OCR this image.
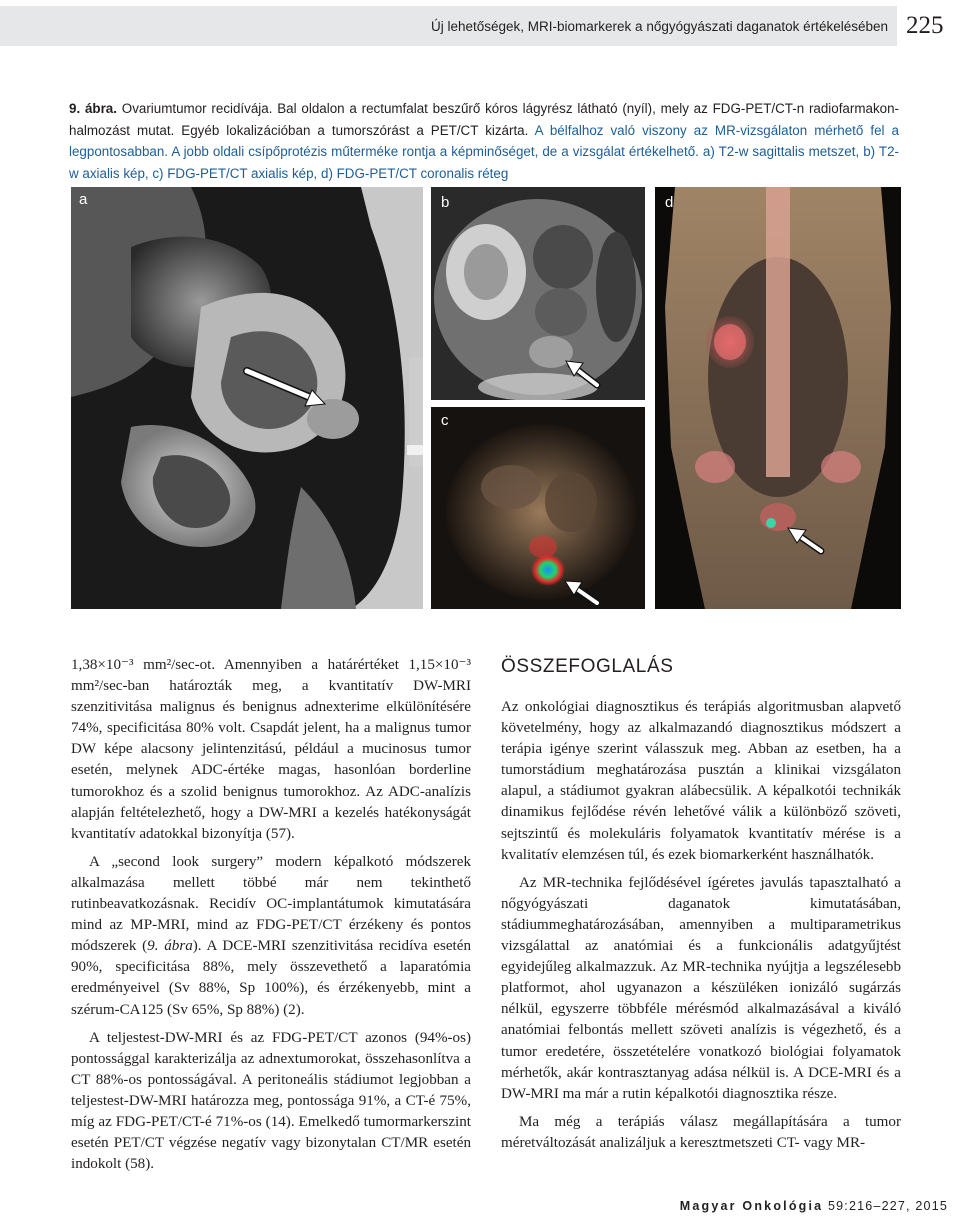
Új lehetőségek, MRI-biomarkerek a nőgyógyászati daganatok értékelésében 225

9. ábra. Ovariumtumor recidívája. Bal oldalon a rectumfalat beszűrő kóros lágyrész látható (nyíl), mely az FDG-PET/CT-n radiofarmakon-halmozást mutat. Egyéb lokalizációban a tumorszórást a PET/CT kizárta. A bélfalhoz való viszony az MR-vizsgálaton mérhető fel a legpontosabban. A jobb oldali csípőprotézis műterméke rontja a képminőséget, de a vizsgálat értékelhető. a) T2-w sagittalis metszet, b) T2-w axialis kép, c) FDG-PET/CT axialis kép, d) FDG-PET/CT coronalis réteg

a	b
c
d

1,38×10⁻³ mm²/sec-ot. Amennyiben a határértéket 1,15×10⁻³ mm²/sec-ban határozták meg, a kvantitatív DW-MRI szenzitivitása malignus és benignus adnexterime elkülönítésére 74%, specificitása 80% volt. Csapdát jelent, ha a malignus tumor DW képe alacsony jelintenzitású, például a mucinosus tumor esetén, melynek ADC-értéke magas, hasonlóan borderline tumorokhoz és a szolid benignus tumorokhoz. Az ADC-analízis alapján feltételezhető, hogy a DW-MRI a kezelés hatékonyságát kvantitatív adatokkal bizonyítja (57).

A „second look surgery” modern képalkotó módszerek alkalmazása mellett többé már nem tekinthető rutinbeavatkozásnak. Recidív OC-implantátumok kimutatására mind az MP-MRI, mind az FDG-PET/CT érzékeny és pontos módszerek (9. ábra). A DCE-MRI szenzitivitása recidíva esetén 90%, specificitása 88%, mely összevethető a laparatómia eredményeivel (Sv 88%, Sp 100%), és érzékenyebb, mint a szérum-CA125 (Sv 65%, Sp 88%) (2).

A teljestest-DW-MRI és az FDG-PET/CT azonos (94%-os) pontossággal karakterizálja az adnextumorokat, összehasonlítva a CT 88%-os pontosságával. A peritoneális stádiumot legjobban a teljestest-DW-MRI határozza meg, pontossága 91%, a CT-é 75%, míg az FDG-PET/CT-é 71%-os (14). Emelkedő tumormarkerszint esetén PET/CT végzése negatív vagy bizonytalan CT/MR esetén indokolt (58).

ÖSSZEFOGLALÁS

Az onkológiai diagnosztikus és terápiás algoritmusban alapvető követelmény, hogy az alkalmazandó diagnosztikus módszert a terápia igénye szerint válasszuk meg. Abban az esetben, ha a tumorstádium meghatározása pusztán a klinikai vizsgálaton alapul, a stádiumot gyakran alábecsülik. A képalkotói technikák dinamikus fejlődése révén lehetővé válik a különböző szöveti, sejtszintű és molekuláris folyamatok kvantitatív mérése is a kvalitatív elemzésen túl, és ezek biomarkerként használhatók.

Az MR-technika fejlődésével ígéretes javulás tapasztalható a nőgyógyászati daganatok kimutatásában, stádiummeghatározásában, amennyiben a multiparametrikus vizsgálattal az anatómiai és a funkcionális adatgyűjtést egyidejűleg alkalmazzuk. Az MR-technika nyújtja a legszélesebb platformot, ahol ugyanazon a készüléken ionizáló sugárzás nélkül, egyszerre többféle mérésmód alkalmazásával a kiváló anatómiai felbontás mellett szöveti analízis is végezhető, és a tumor eredetére, összetételére vonatkozó biológiai folyamatok mérhetők, akár kontrasztanyag adása nélkül is. A DCE-MRI és a DW-MRI ma már a rutin képalkotói diagnosztika része.

Ma még a terápiás válasz megállapítására a tumor méretváltozását analizáljuk a keresztmetszeti CT- vagy MR-

Magyar Onkológia 59:216–227, 2015
